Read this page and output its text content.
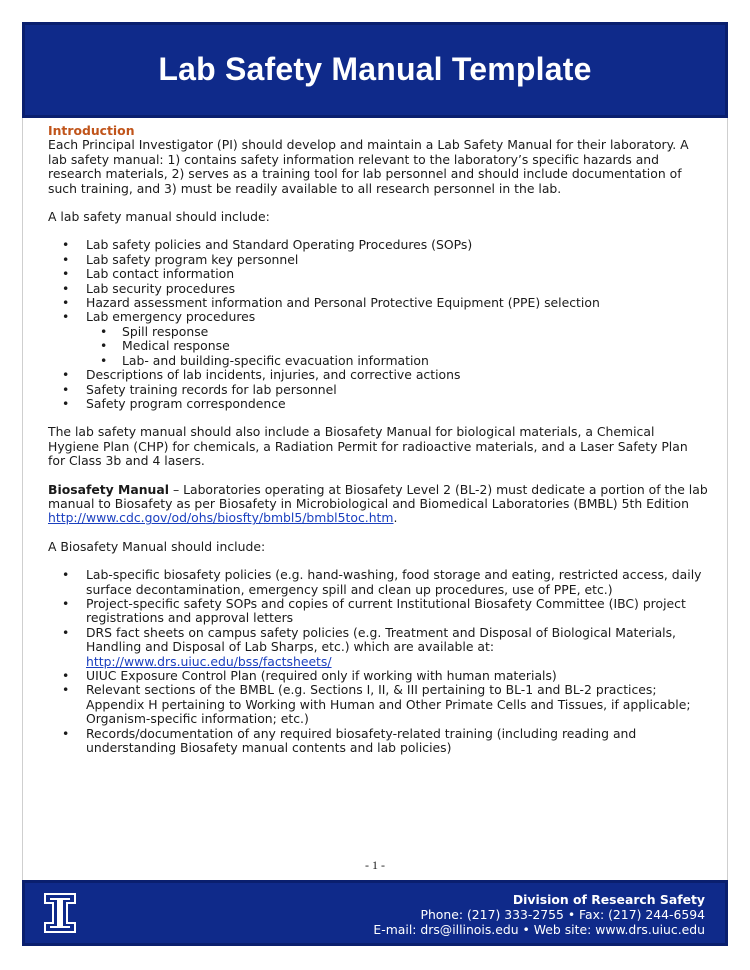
Lab Safety Manual Template

Introduction

Each Principal Investigator (PI) should develop and maintain a Lab Safety Manual for their laboratory. A lab safety manual: 1) contains safety information relevant to the laboratory’s specific hazards and research materials, 2) serves as a training tool for lab personnel and should include documentation of such training, and 3) must be readily available to all research personnel in the lab.

A lab safety manual should include:

• Lab safety policies and Standard Operating Procedures (SOPs)
• Lab safety program key personnel
• Lab contact information
• Lab security procedures
• Hazard assessment information and Personal Protective Equipment (PPE) selection
• Lab emergency procedures
• Spill response
• Medical response
• Lab- and building-specific evacuation information
• Descriptions of lab incidents, injuries, and corrective actions
• Safety training records for lab personnel
• Safety program correspondence

The lab safety manual should also include a Biosafety Manual for biological materials, a Chemical Hygiene Plan (CHP) for chemicals, a Radiation Permit for radioactive materials, and a Laser Safety Plan for Class 3b and 4 lasers.

Biosafety Manual – Laboratories operating at Biosafety Level 2 (BL-2) must dedicate a portion of the lab manual to Biosafety as per Biosafety in Microbiological and Biomedical Laboratories (BMBL) 5th Edition http://www.cdc.gov/od/ohs/biosfty/bmbl5/bmbl5toc.htm.

A Biosafety Manual should include:

• Lab-specific biosafety policies (e.g. hand-washing, food storage and eating, restricted access, daily surface decontamination, emergency spill and clean up procedures, use of PPE, etc.)
• Project-specific safety SOPs and copies of current Institutional Biosafety Committee (IBC) project registrations and approval letters
• DRS fact sheets on campus safety policies (e.g. Treatment and Disposal of Biological Materials, Handling and Disposal of Lab Sharps, etc.) which are available at: http://www.drs.uiuc.edu/bss/factsheets/
• UIUC Exposure Control Plan (required only if working with human materials)
• Relevant sections of the BMBL (e.g. Sections I, II, & III pertaining to BL-1 and BL-2 practices; Appendix H pertaining to Working with Human and Other Primate Cells and Tissues, if applicable; Organism-specific information; etc.)
• Records/documentation of any required biosafety-related training (including reading and understanding Biosafety manual contents and lab policies)
- 1 -
Division of Research Safety
Phone: (217) 333-2755 • Fax: (217) 244-6594
E-mail: drs@illinois.edu • Web site: www.drs.uiuc.edu
